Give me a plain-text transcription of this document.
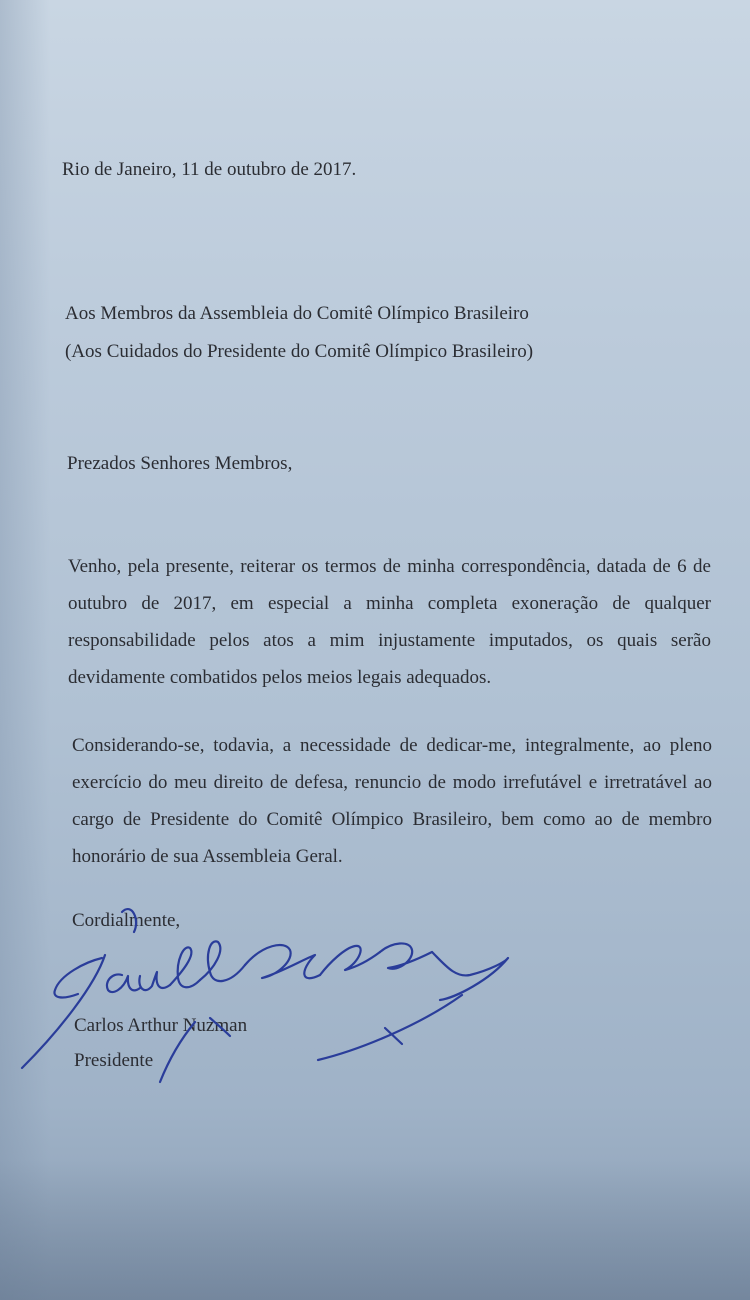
Rio de Janeiro, 11 de outubro de 2017.

Aos Membros da Assembleia do Comitê Olímpico Brasileiro

(Aos Cuidados do Presidente do Comitê Olímpico Brasileiro)

Prezados Senhores Membros,

Venho, pela presente, reiterar os termos de minha correspondência, datada de 6 de outubro de 2017, em especial a minha completa exoneração de qualquer responsabilidade pelos atos a mim injustamente imputados, os quais serão devidamente combatidos pelos meios legais adequados.

Considerando-se, todavia, a necessidade de dedicar-me, integralmente, ao pleno exercício do meu direito de defesa, renuncio de modo irrefutável e irretratável ao cargo de Presidente do Comitê Olímpico Brasileiro, bem como ao de membro honorário de sua Assembleia Geral.

Cordialmente,

Carlos Arthur Nuzman

Presidente
